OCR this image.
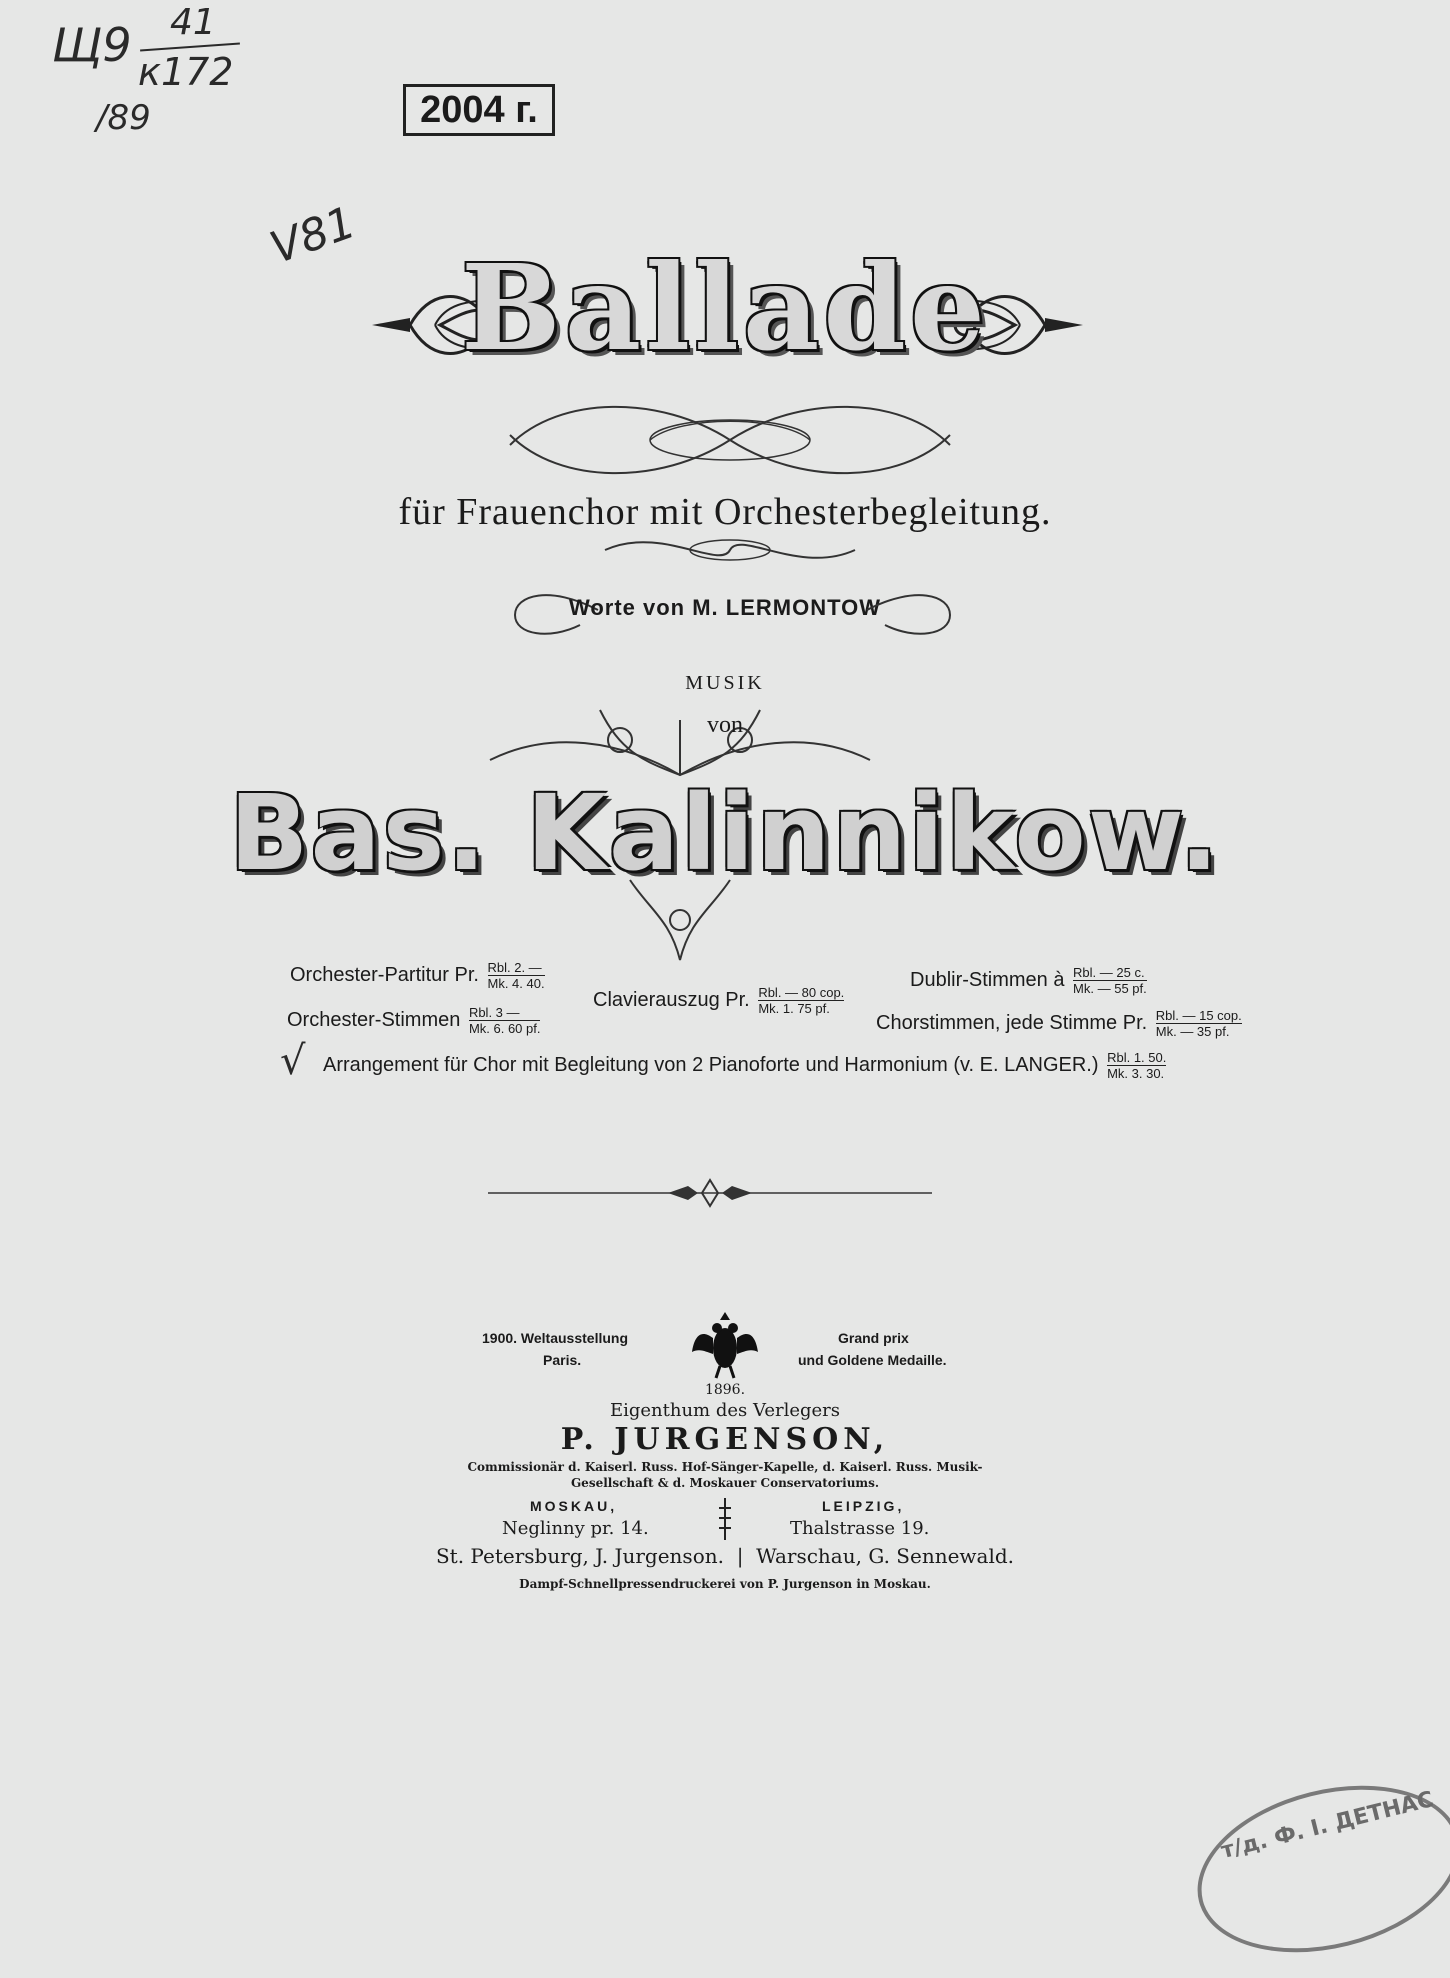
Щ9 41
к172
/89
V81
2004 г.
Ballade
für Frauenchor mit Orchesterbegleitung.
Worte von M. LERMONTOW
MUSIK
von
Bas. Kalinnikow.
Orchester-Partitur Pr. $\frac{\text{Rbl. 2. —}}{Mk. 4. 40.}$
Orchester-Stimmen $\frac{\text{Rbl. 3 —}}{Mk. 6. 60 pf.}$
Clavierauszug Pr. $\frac{\text{Rbl. — 80 cop.}}{Mk. 1. 75 pf.}$
Dublir-Stimmen à $\frac{\text{Rbl. — 25 c.}}{Mk. — 55 pf.}$
Chorstimmen, jede Stimme Pr. $\frac{\text{Rbl. — 15 cop.}}{Mk. — 35 pf.}$
√ Arrangement für Chor mit Begleitung von 2 Pianoforte und Harmonium (v. E. LANGER.) $\frac{\text{Rbl. 1. 50.}}{Mk. 3. 30.}$
1900. Weltausstellung
Paris.
Grand prix
und Goldene Medaille.
1896.
Eigenthum des Verlegers
P. JURGENSON,
Commissionär d. Kaiserl. Russ. Hof-Sänger-Kapelle, d. Kaiserl. Russ. Musik-
Gesellschaft & d. Moskauer Conservatoriums.
MOSKAU,
Neglinny pr. 14.
LEIPZIG,
Thalstrasse 19.
St. Petersburg, J. Jurgenson.  |  Warschau, G. Sennewald.
Dampf-Schnellpressendruckerei von P. Jurgenson in Moskau.
т/д. Ф. І. ДЕТНАС
